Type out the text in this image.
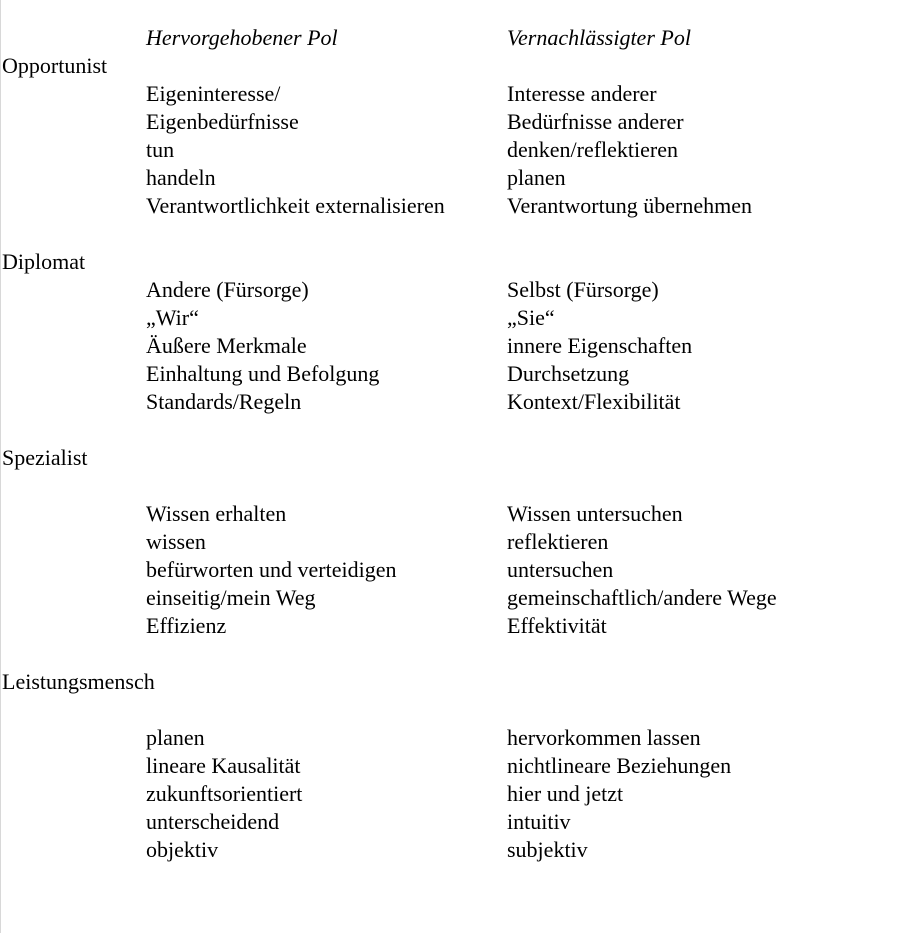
Hervorgehobener Pol	Vernachlässigter Pol
Opportunist
Eigeninteresse/	Interesse anderer
Eigenbedürfnisse	Bedürfnisse anderer
tun	denken/reflektieren
handeln	planen
Verantwortlichkeit externalisieren	Verantwortung übernehmen
Diplomat
Andere (Fürsorge)	Selbst (Fürsorge)
„Wir“	„Sie“
Äußere Merkmale	innere Eigenschaften
Einhaltung und Befolgung	Durchsetzung
Standards/Regeln	Kontext/Flexibilität
Spezialist
Wissen erhalten	Wissen untersuchen
wissen	reflektieren
befürworten und verteidigen	untersuchen
einseitig/mein Weg	gemeinschaftlich/andere Wege
Effizienz	Effektivität
Leistungsmensch
planen	hervorkommen lassen
lineare Kausalität	nichtlineare Beziehungen
zukunftsorientiert	hier und jetzt
unterscheidend	intuitiv
objektiv	subjektiv
